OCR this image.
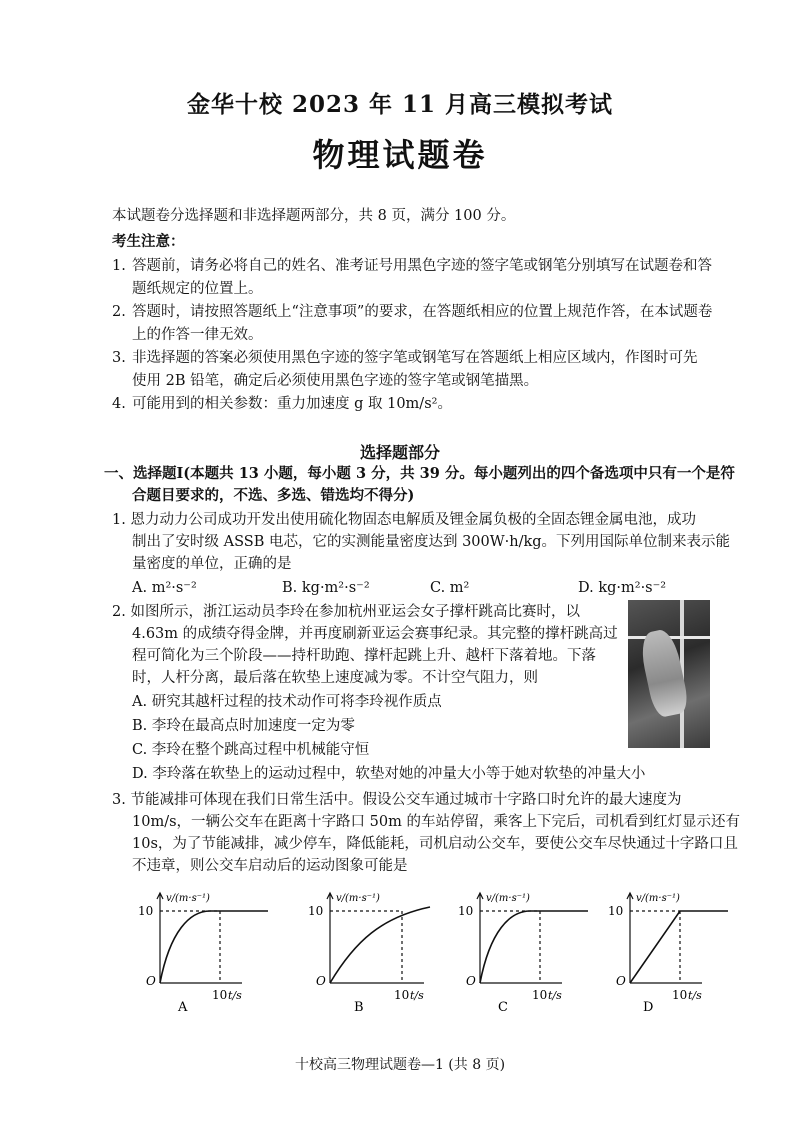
金华十校 2023 年 11 月高三模拟考试
物理试题卷
本试题卷分选择题和非选择题两部分，共 8 页，满分 100 分。
考生注意：
1. 答题前，请务必将自己的姓名、准考证号用黑色字迹的签字笔或钢笔分别填写在试题卷和答
题纸规定的位置上。
2. 答题时，请按照答题纸上“注意事项”的要求，在答题纸相应的位置上规范作答，在本试题卷
上的作答一律无效。
3. 非选择题的答案必须使用黑色字迹的签字笔或钢笔写在答题纸上相应区域内，作图时可先
使用 2B 铅笔，确定后必须使用黑色字迹的签字笔或钢笔描黑。
4. 可能用到的相关参数：重力加速度 g 取 10m/s²。
选择题部分
一、选择题Ⅰ(本题共 13 小题，每小题 3 分，共 39 分。每小题列出的四个备选项中只有一个是符
合题目要求的，不选、多选、错选均不得分)
1. 恩力动力公司成功开发出使用硫化物固态电解质及锂金属负极的全固态锂金属电池，成功
制出了安时级 ASSB 电芯，它的实测能量密度达到 300W·h/kg。下列用国际单位制来表示能
量密度的单位，正确的是
A. m²·s⁻²	B. kg·m²·s⁻²	C. m²	D. kg·m²·s⁻²
2. 如图所示，浙江运动员李玲在参加杭州亚运会女子撑杆跳高比赛时，以
4.63m 的成绩夺得金牌，并再度刷新亚运会赛事纪录。其完整的撑杆跳高过
程可简化为三个阶段——持杆助跑、撑杆起跳上升、越杆下落着地。下落
时，人杆分离，最后落在软垫上速度减为零。不计空气阻力，则
A. 研究其越杆过程的技术动作可将李玲视作质点
B. 李玲在最高点时加速度一定为零
C. 李玲在整个跳高过程中机械能守恒
D. 李玲落在软垫上的运动过程中，软垫对她的冲量大小等于她对软垫的冲量大小
3. 节能减排可体现在我们日常生活中。假设公交车通过城市十字路口时允许的最大速度为
10m/s，一辆公交车在距离十字路口 50m 的车站停留，乘客上下完后，司机看到红灯显示还有
10s，为了节能减排，减少停车，降低能耗，司机启动公交车，要使公交车尽快通过十字路口且
不违章，则公交车启动后的运动图象可能是
v/(m·s⁻¹)
10
O
10 t/s
A
v/(m·s⁻¹)
10
O
10 t/s
B
v/(m·s⁻¹)
10
O
10 t/s
C
v/(m·s⁻¹)
10
O
10 t/s
D
十校高三物理试题卷—1 (共 8 页)
